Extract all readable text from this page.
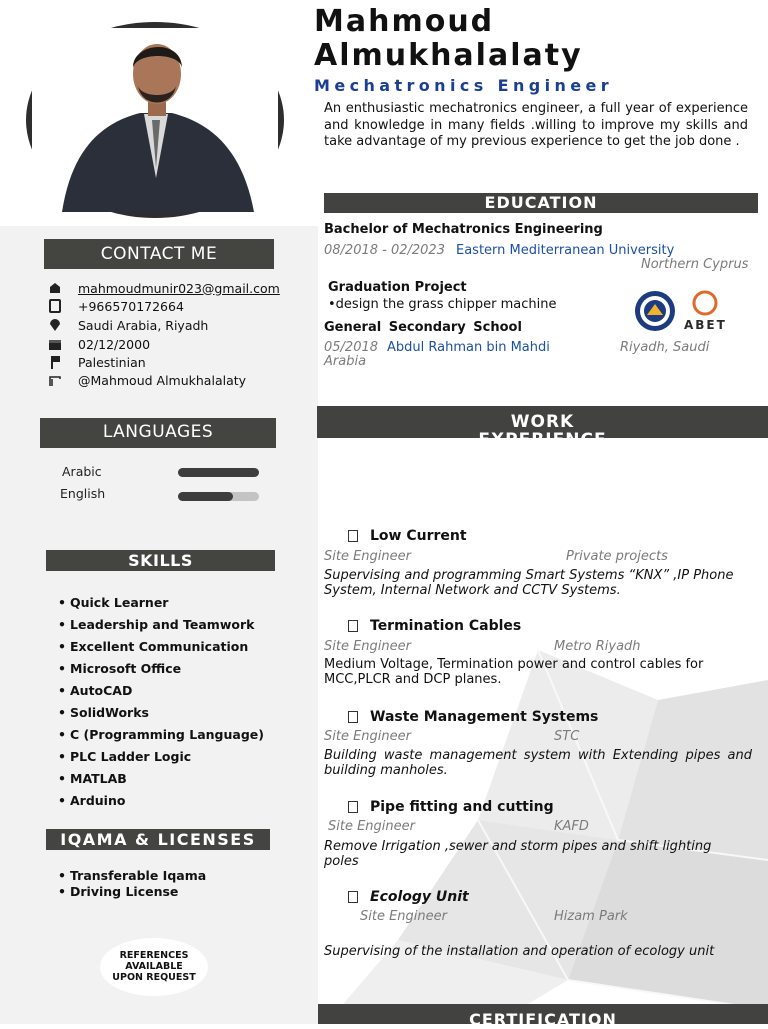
CONTACT ME
mahmoudmunir023@gmail.com
+966570172664
Saudi Arabia, Riyadh
02/12/2000
Palestinian
@Mahmoud Almukhalalaty
LANGUAGES
Arabic
English
SKILLS
• Quick Learner
• Leadership and Teamwork
• Excellent Communication
• Microsoft Office
• AutoCAD
• SolidWorks
• C (Programming Language)
• PLC Ladder Logic
• MATLAB
• Arduino
IQAMA & LICENSES
• Transferable Iqama
• Driving License
REFERENCES
AVAILABLE
UPON REQUEST
Mahmoud
Almukhalalaty
Mechatronics Engineer
An enthusiastic mechatronics engineer, a full year of experience and knowledge in many fields .willing to improve my skills and take advantage of my previous experience to get the job done .
EDUCATION
Bachelor of Mechatronics Engineering
08/2018 - 02/2023 Eastern Mediterranean University
Northern Cyprus
Graduation Project
•design the grass chipper machine
ABET
General Secondary School
05/2018 Abdul Rahman bin Mahdi	Riyadh, Saudi
Arabia
WORK
EXPERIENCE
Low Current
Site Engineer	Private projects
Supervising and programming Smart Systems “KNX” ,IP Phone System, Internal Network and CCTV Systems.
Termination Cables
Site Engineer	Metro Riyadh
Medium Voltage, Termination power and control cables for MCC,PLCR and DCP planes.
Waste Management Systems
Site Engineer	STC
Building waste management system with Extending pipes and building manholes.
Pipe fitting and cutting
Site Engineer	KAFD
Remove Irrigation ,sewer and storm pipes and shift lighting poles
Ecology Unit
Site Engineer	Hizam Park
Supervising of the installation and operation of ecology unit
CERTIFICATION
